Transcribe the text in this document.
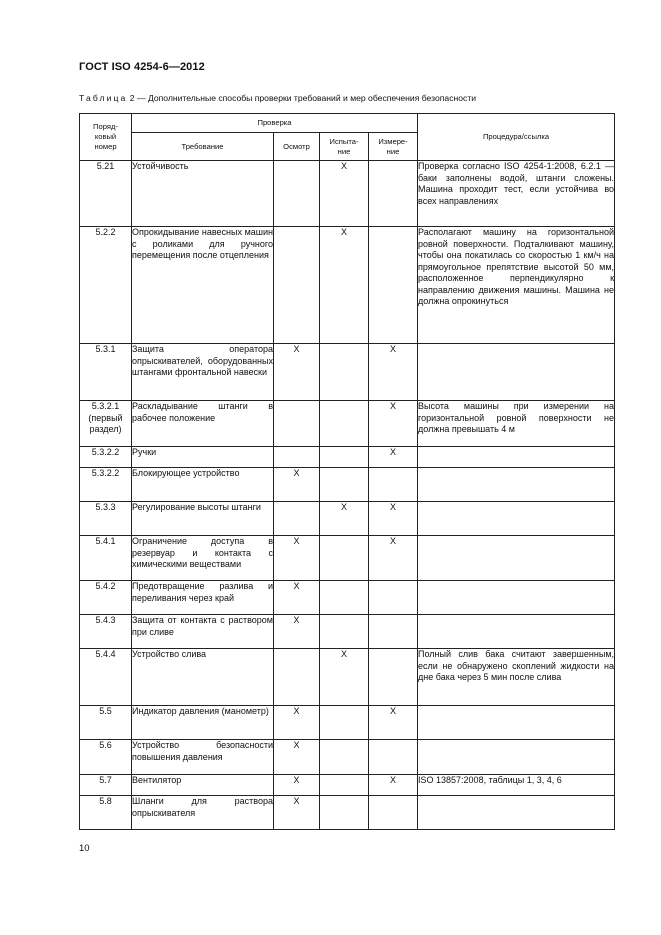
ГОСТ ISO 4254-6—2012
Таблица 2 — Дополнительные способы проверки требований и мер обеспечения безопасности
Поряд-ковый номер	Проверка				Процедура/ссылка
	Требование	Осмотр	Испыта-ние	Измере-ние	
5.21	Устойчивость		Х		Проверка согласно ISO 4254-1:2008, 6.2.1 — баки заполнены водой, штанги сложены. Машина проходит тест, если устойчива во всех направлениях
5.2.2	Опрокидывание навесных машин с роликами для ручного перемещения после отцепления		Х		Располагают машину на горизонтальной ровной поверхности. Подталкивают машину, чтобы она покатилась со скоростью 1 км/ч на прямоугольное препятствие высотой 50 мм, расположенное перпендикулярно к направлению движения машины. Машина не должна опрокинуться
5.3.1	Защита оператора опрыскивателей, оборудованных штангами фронтальной навески	Х		Х	
5.3.2.1 (первый раздел)	Раскладывание штанги в рабочее положение			Х	Высота машины при измерении на горизонтальной ровной поверхности не должна превышать 4 м
5.3.2.2	Ручки			Х	
5.3.2.2	Блокирующее устройство	Х			
5.3.3	Регулирование высоты штанги		Х	Х	
5.4.1	Ограничение доступа в резервуар и контакта с химическими веществами	Х		Х	
5.4.2	Предотвращение разлива и переливания через край	Х			
5.4.3	Защита от контакта с раствором при сливе	Х			
5.4.4	Устройство слива		Х		Полный слив бака считают завершенным, если не обнаружено скоплений жидкости на дне бака через 5 мин после слива
5.5	Индикатор давления (манометр)	Х		Х	
5.6	Устройство безопасности повышения давления	Х			
5.7	Вентилятор	Х		Х	ISO 13857:2008, таблицы 1, 3, 4, 6
5.8	Шланги для раствора опрыскивателя	Х			
10
